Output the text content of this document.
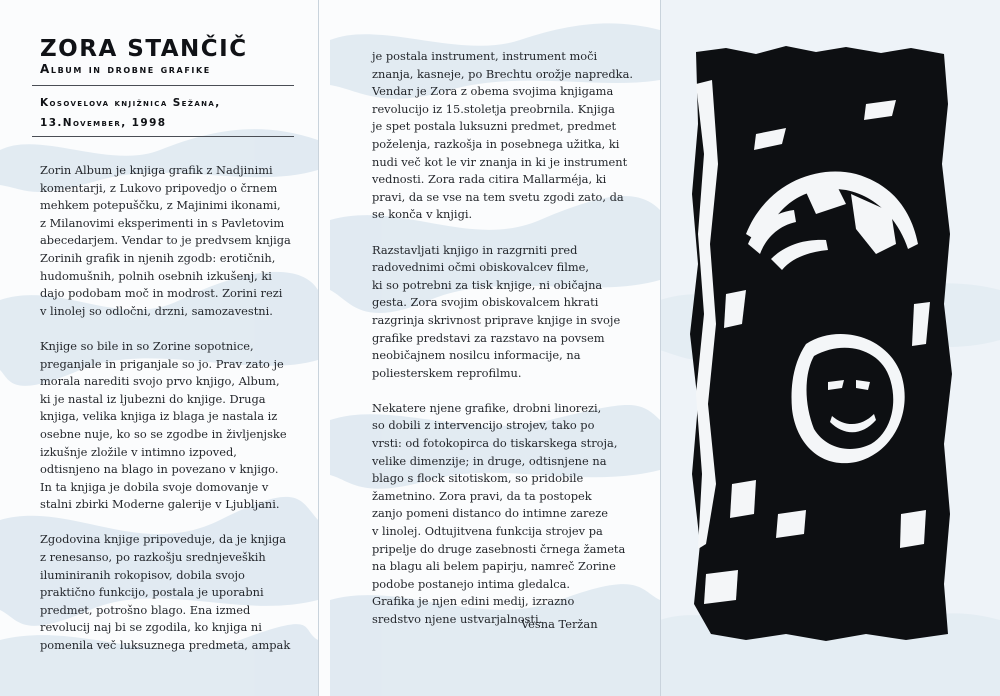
ZORA STANČIČ
Album in drobne grafike
Kosovelova knjižnica Sežana,
13.November, 1998

Zorin Album je knjiga grafik z Nadjinimi
komentarji, z Lukovo pripovedjo o črnem
mehkem potepuščku, z Majinimi ikonami,
z Milanovimi eksperimenti in s Pavletovim
abecedarjem. Vendar to je predvsem knjiga
Zorinih grafik in njenih zgodb: erotičnih,
hudomušnih, polnih osebnih izkušenj, ki
dajo podobam moč in modrost. Zorini rezi
v linolej so odločni, drzni, samozavestni.

Knjige so bile in so Zorine sopotnice,
preganjale in priganjale so jo. Prav zato je
morala narediti svojo prvo knjigo, Album,
ki je nastal iz ljubezni do knjige. Druga
knjiga, velika knjiga iz blaga je nastala iz
osebne nuje, ko so se zgodbe in življenjske
izkušnje zložile v intimno izpoved,
odtisnjeno na blago in povezano v knjigo.
In ta knjiga je dobila svoje domovanje v
stalni zbirki Moderne galerije v Ljubljani.

Zgodovina knjige pripoveduje, da je knjiga
z renesanso, po razkošju srednjeveških
iluminiranih rokopisov, dobila svojo
praktično funkcijo, postala je uporabni
predmet, potrošno blago. Ena izmed
revolucij naj bi se zgodila, ko knjiga ni
pomenila več luksuznega predmeta, ampak

je postala instrument, instrument moči
znanja, kasneje, po Brechtu orožje napredka.
Vendar je Zora z obema svojima knjigama
revolucijo iz 15.stoletja preobrnila. Knjiga
je spet postala luksuzni predmet, predmet
poželenja, razkošja in posebnega užitka, ki
nudi več kot le vir znanja in ki je instrument
vednosti. Zora rada citira Mallarméja, ki
pravi, da se vse na tem svetu zgodi zato, da
se konča v knjigi.

Razstavljati knjigo in razgrniti pred
radovednimi očmi obiskovalcev filme,
ki so potrebni za tisk knjige, ni običajna
gesta. Zora svojim obiskovalcem hkrati
razgrinja skrivnost priprave knjige in svoje
grafike predstavi za razstavo na povsem
neobičajnem nosilcu informacije, na
poliesterskem reprofilmu.

Nekatere njene grafike, drobni linorezi,
so dobili z intervencijo strojev, tako po
vrsti: od fotokopirca do tiskarskega stroja,
velike dimenzije; in druge, odtisnjene na
blago s flock sitotiskom, so pridobile
žametnino. Zora pravi, da ta postopek
zanjo pomeni distanco do intimne zareze
v linolej. Odtujitvena funkcija strojev pa
pripelje do druge zasebnosti črnega žameta
na blagu ali belem papirju, namreč Zorine
podobe postanejo intima gledalca.
Grafika je njen edini medij, izrazno
sredstvo njene ustvarjalnosti.

Vesna Teržan
